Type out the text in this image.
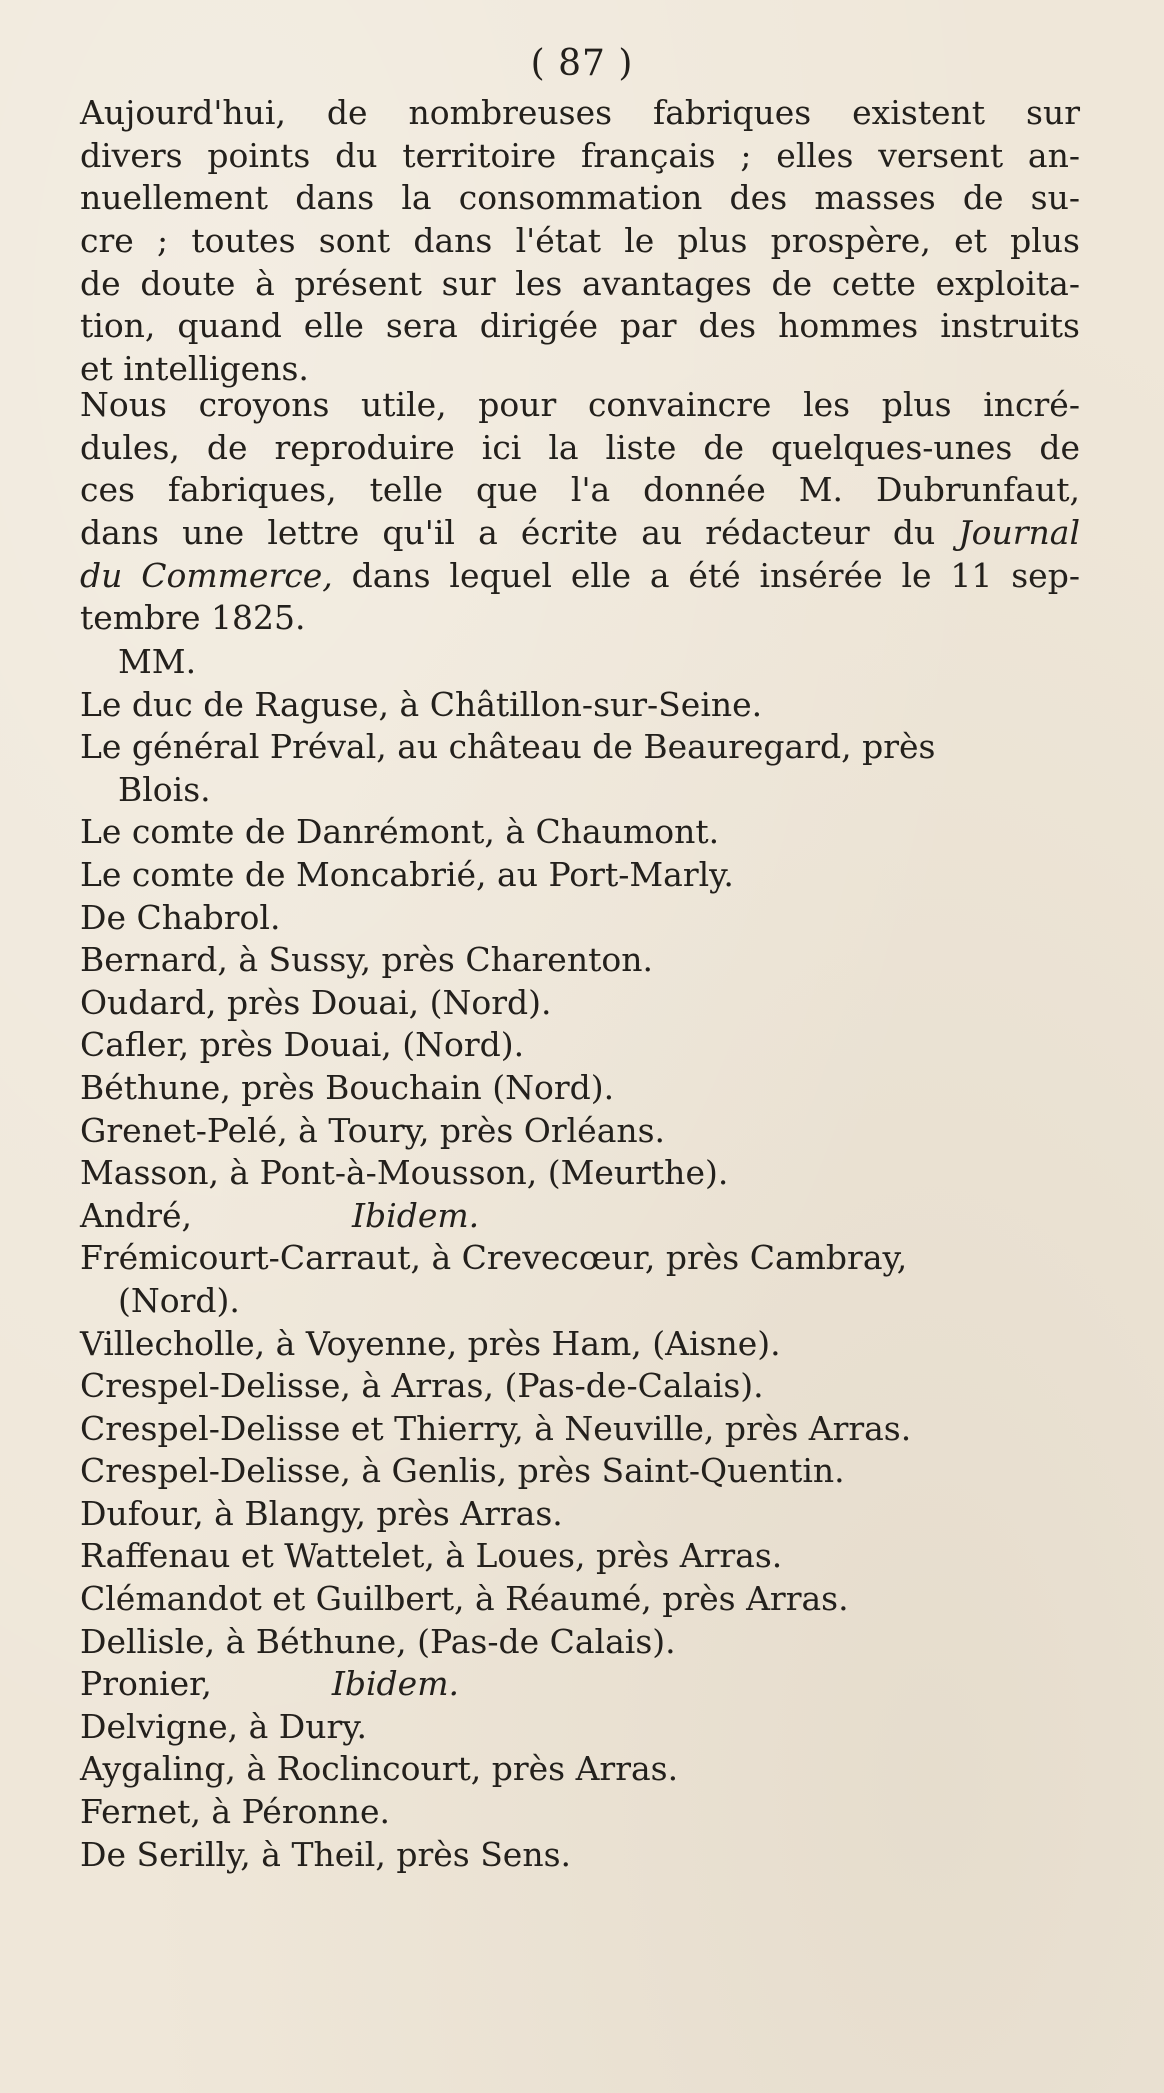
( 87 )
Aujourd'hui, de nombreuses fabriques existent sur
divers points du territoire français ; elles versent an-
nuellement dans la consommation des masses de su-
cre ; toutes sont dans l'état le plus prospère, et plus
de doute à présent sur les avantages de cette exploita-
tion, quand elle sera dirigée par des hommes instruits
et intelligens.
Nous croyons utile, pour convaincre les plus incré-
dules, de reproduire ici la liste de quelques-unes de
ces fabriques, telle que l'a donnée M. Dubrunfaut,
dans une lettre qu'il a écrite au rédacteur du Journal
du Commerce, dans lequel elle a été insérée le 11 sep-
tembre 1825.
MM.
Le duc de Raguse, à Châtillon-sur-Seine.
Le général Préval, au château de Beauregard, près
Blois.
Le comte de Danrémont, à Chaumont.
Le comte de Moncabrié, au Port-Marly.
De Chabrol.
Bernard, à Sussy, près Charenton.
Oudard, près Douai, (Nord).
Cafler, près Douai, (Nord).
Béthune, près Bouchain (Nord).
Grenet-Pelé, à Toury, près Orléans.
Masson, à Pont-à-Mousson, (Meurthe).
André,	Ibidem.
Frémicourt-Carraut, à Crevecœur, près Cambray,
(Nord).
Villecholle, à Voyenne, près Ham, (Aisne).
Crespel-Delisse, à Arras, (Pas-de-Calais).
Crespel-Delisse et Thierry, à Neuville, près Arras.
Crespel-Delisse, à Genlis, près Saint-Quentin.
Dufour, à Blangy, près Arras.
Raffenau et Wattelet, à Loues, près Arras.
Clémandot et Guilbert, à Réaumé, près Arras.
Dellisle, à Béthune, (Pas-de Calais).
Pronier,	Ibidem.
Delvigne, à Dury.
Aygaling, à Roclincourt, près Arras.
Fernet, à Péronne.
De Serilly, à Theil, près Sens.
